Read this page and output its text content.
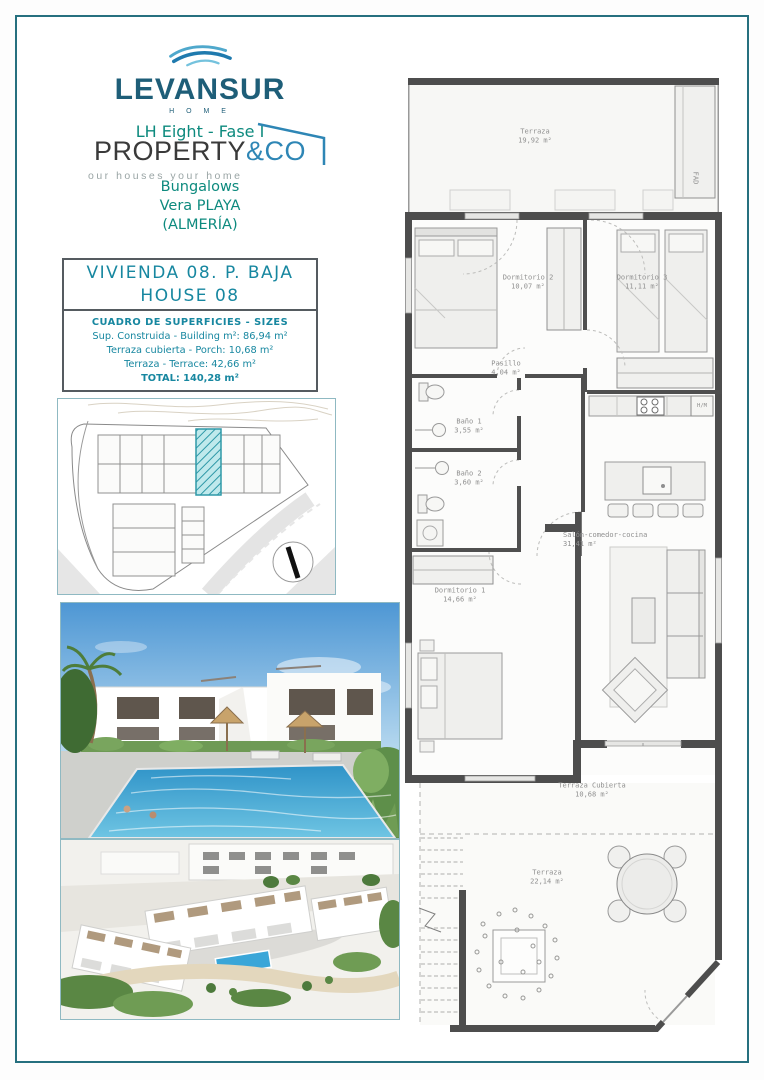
LEVANSUR
H O M E
LH Eight - Fase I
PROPERTY&CO
our houses your home
Bungalows
Vera PLAYA
(ALMERÍA)
VIVIENDA 08. P. BAJA
HOUSE 08
CUADRO DE SUPERFICIES - SIZES
Sup. Construida - Building m²: 86,94 m²
Terraza cubierta - Porch: 10,68 m²
Terraza - Terrace: 42,66 m²
TOTAL: 140,28 m²
Terraza
19,92 m²
Dormitorio 2
10,07 m²
Dormitorio 3
11,11 m²
Pasillo
4,04 m²
Baño 1
3,55 m²
Baño 2
3,60 m²
Salón-comedor-cocina
31,41 m²
Dormitorio 1
14,66 m²
Terraza Cubierta
10,68 m²
Terraza
22,14 m²
FAD
H/M
